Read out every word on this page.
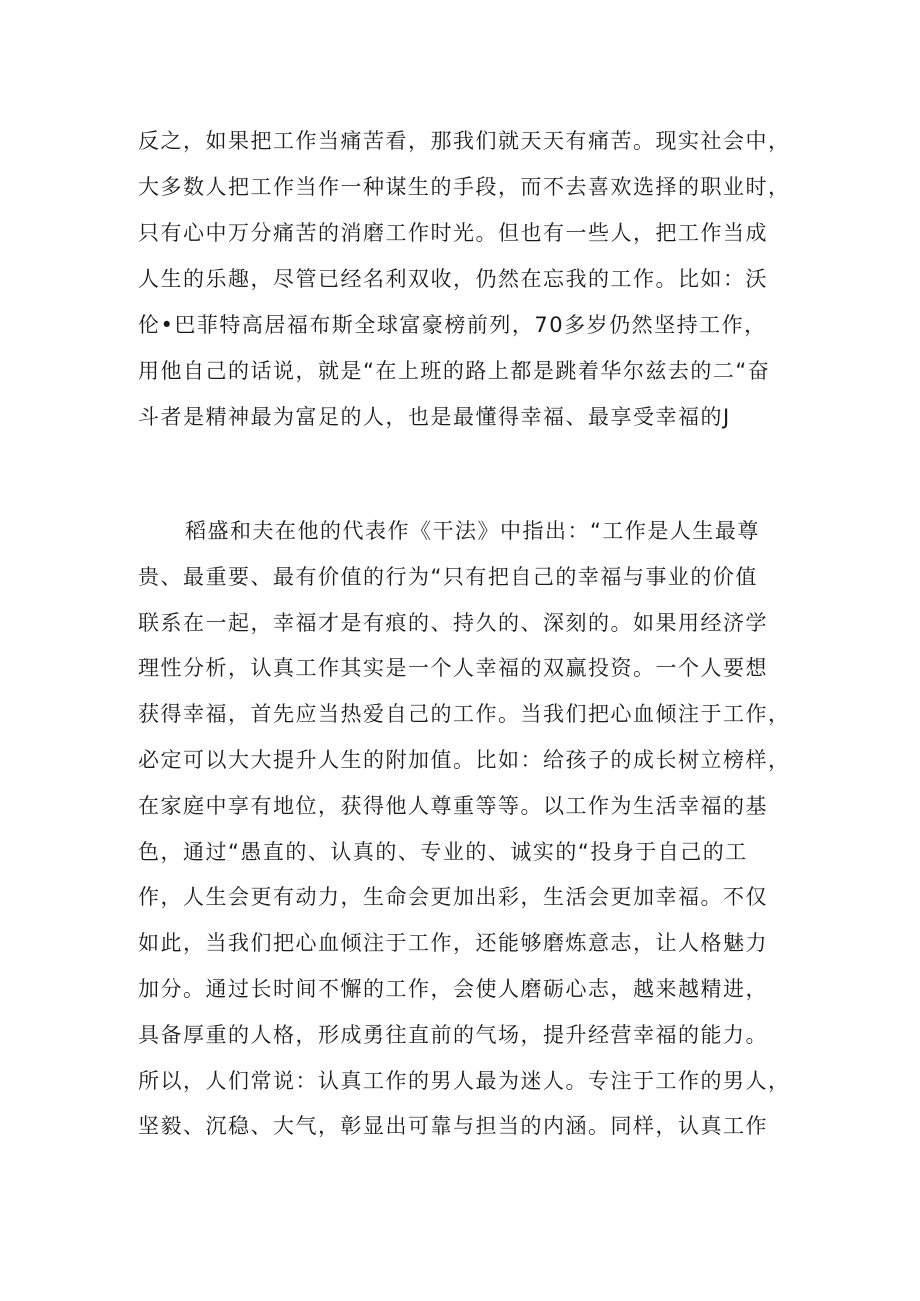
反之，如果把工作当痛苦看，那我们就天天有痛苦。现实社会中，
大多数人把工作当作一种谋生的手段，而不去喜欢选择的职业时，
只有心中万分痛苦的消磨工作时光。但也有一些人，把工作当成
人生的乐趣，尽管已经名利双收，仍然在忘我的工作。比如：沃
伦•巴菲特高居福布斯全球富豪榜前列，70多岁仍然坚持工作，
用他自己的话说，就是“在上班的路上都是跳着华尔兹去的二“奋
斗者是精神最为富足的人，也是最懂得幸福、最享受幸福的J
稻盛和夫在他的代表作《干法》中指出：“工作是人生最尊
贵、最重要、最有价值的行为“只有把自己的幸福与事业的价值
联系在一起，幸福才是有痕的、持久的、深刻的。如果用经济学
理性分析，认真工作其实是一个人幸福的双赢投资。一个人要想
获得幸福，首先应当热爱自己的工作。当我们把心血倾注于工作，
必定可以大大提升人生的附加值。比如：给孩子的成长树立榜样，
在家庭中享有地位，获得他人尊重等等。以工作为生活幸福的基
色，通过“愚直的、认真的、专业的、诚实的“投身于自己的工
作，人生会更有动力，生命会更加出彩，生活会更加幸福。不仅
如此，当我们把心血倾注于工作，还能够磨炼意志，让人格魅力
加分。通过长时间不懈的工作，会使人磨砺心志，越来越精进，
具备厚重的人格，形成勇往直前的气场，提升经营幸福的能力。
所以，人们常说：认真工作的男人最为迷人。专注于工作的男人，
坚毅、沉稳、大气，彰显出可靠与担当的内涵。同样，认真工作
